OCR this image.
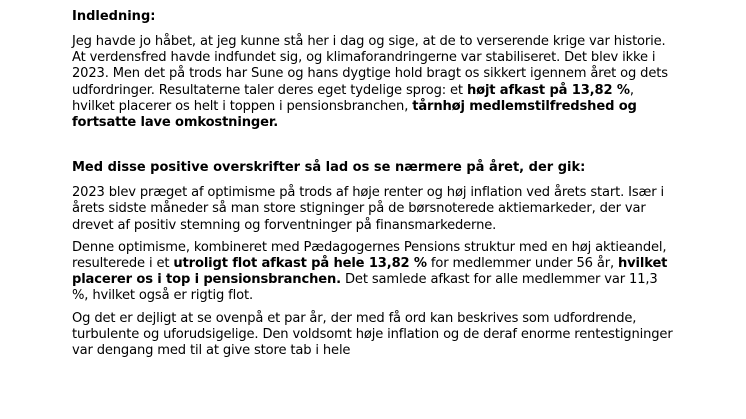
Indledning:

Jeg havde jo håbet, at jeg kunne stå her i dag og sige, at de to verserende krige var historie. At verdensfred havde indfundet sig, og klimaforandringerne var stabiliseret. Det blev ikke i 2023. Men det på trods har Sune og hans dygtige hold bragt os sikkert igennem året og dets udfordringer. Resultaterne taler deres eget tydelige sprog: et højt afkast på 13,82 %, hvilket placerer os helt i toppen i pensionsbranchen, tårnhøj medlemstilfredshed og fortsatte lave omkostninger.

Med disse positive overskrifter så lad os se nærmere på året, der gik:

2023 blev præget af optimisme på trods af høje renter og høj inflation ved årets start. Især i årets sidste måneder så man store stigninger på de børsnoterede aktiemarkeder, der var drevet af positiv stemning og forventninger på finansmarkederne.

Denne optimisme, kombineret med Pædagogernes Pensions struktur med en høj aktieandel, resulterede i et utroligt flot afkast på hele 13,82 % for medlemmer under 56 år, hvilket placerer os i top i pensionsbranchen. Det samlede afkast for alle medlemmer var 11,3 %, hvilket også er rigtig flot.

Og det er dejligt at se ovenpå et par år, der med få ord kan beskrives som udfordrende, turbulente og uforudsigelige. Den voldsomt høje inflation og de deraf enorme rentestigninger var dengang med til at give store tab i hele
